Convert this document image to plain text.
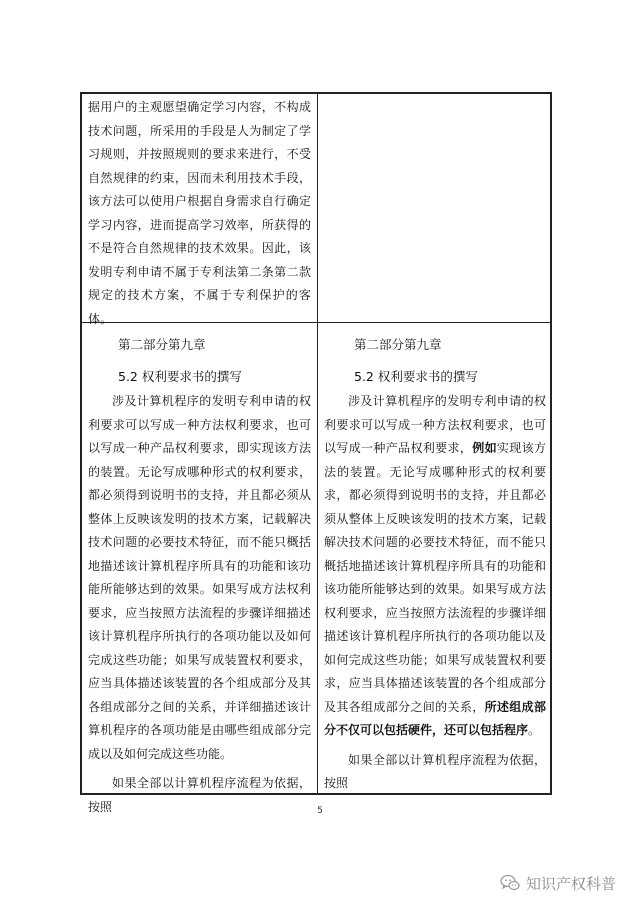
据用户的主观愿望确定学习内容，不构成技术问题，所采用的手段是人为制定了学习规则，并按照规则的要求来进行，不受自然规律的约束，因而未利用技术手段，该方法可以使用户根据自身需求自行确定学习内容，进而提高学习效率，所获得的不是符合自然规律的技术效果。因此，该发明专利申请不属于专利法第二条第二款规定的技术方案，不属于专利保护的客体。

第二部分第九章

5.2 权利要求书的撰写

涉及计算机程序的发明专利申请的权利要求可以写成一种方法权利要求，也可以写成一种产品权利要求，即实现该方法的装置。无论写成哪种形式的权利要求，都必须得到说明书的支持，并且都必须从整体上反映该发明的技术方案，记载解决技术问题的必要技术特征，而不能只概括地描述该计算机程序所具有的功能和该功能所能够达到的效果。如果写成方法权利要求，应当按照方法流程的步骤详细描述该计算机程序所执行的各项功能以及如何完成这些功能；如果写成装置权利要求，应当具体描述该装置的各个组成部分及其各组成部分之间的关系，并详细描述该计算机程序的各项功能是由哪些组成部分完成以及如何完成这些功能。

如果全部以计算机程序流程为依据，按照

第二部分第九章

5.2 权利要求书的撰写

涉及计算机程序的发明专利申请的权利要求可以写成一种方法权利要求，也可以写成一种产品权利要求，例如实现该方法的装置。无论写成哪种形式的权利要求，都必须得到说明书的支持，并且都必须从整体上反映该发明的技术方案，记载解决技术问题的必要技术特征，而不能只概括地描述该计算机程序所具有的功能和该功能所能够达到的效果。如果写成方法权利要求，应当按照方法流程的步骤详细描述该计算机程序所执行的各项功能以及如何完成这些功能；如果写成装置权利要求，应当具体描述该装置的各个组成部分及其各组成部分之间的关系，所述组成部分不仅可以包括硬件，还可以包括程序。

如果全部以计算机程序流程为依据，按照

5
知识产权科普
